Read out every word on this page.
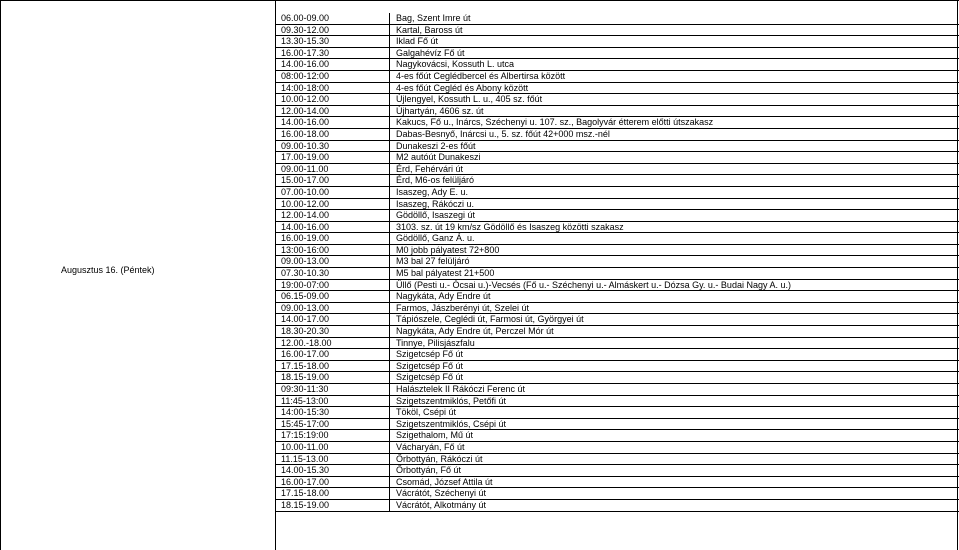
Augusztus 16. (Péntek)
06.00-09.00	Bag, Szent Imre út
09.30-12.00	Kartal, Baross út
13.30-15.30	Iklad Fő út
16.00-17.30	Galgahévíz Fő út
14.00-16.00	Nagykovácsi, Kossuth L. utca
08:00-12:00	4-es főút Ceglédbercel és Albertirsa között
14:00-18:00	4-es főút Cegléd és Abony között
10.00-12.00	Újlengyel, Kossuth L. u., 405 sz. főút
12.00-14.00	Újhartyán, 4606 sz. út
14.00-16.00	Kakucs, Fő u., Inárcs, Széchenyi u. 107. sz., Bagolyvár étterem előtti útszakasz
16.00-18.00	Dabas-Besnyő, Inárcsi u., 5. sz. főút 42+000 msz.-nél
09.00-10.30	Dunakeszi 2-es főút
17.00-19.00	M2 autóút Dunakeszi
09.00-11.00	Érd, Fehérvári út
15.00-17.00	Érd, M6-os felüljáró
07.00-10.00	Isaszeg, Ady E. u.
10.00-12.00	Isaszeg, Rákóczi u.
12.00-14.00	Gödöllő, Isaszegi út
14.00-16.00	3103. sz. út 19 km/sz Gödöllő és Isaszeg közötti szakasz
16.00-19.00	Gödöllő, Ganz Á. u.
13:00-16:00	M0 jobb pályatest 72+800
09.00-13.00	M3 bal 27 felüljáró
07.30-10.30	M5 bal pályatest 21+500
19:00-07:00	Üllő (Pesti u.- Ócsai u.)-Vecsés (Fő u.- Széchenyi u.- Almáskert u.- Dózsa Gy. u.- Budai Nagy A. u.)
06.15-09.00	Nagykáta, Ady Endre út
09.00-13.00	Farmos, Jászberényi út, Szelei út
14.00-17.00	Tápiószele, Ceglédi út, Farmosi út, Györgyei út
18.30-20.30	Nagykáta, Ady Endre út, Perczel Mór út
12.00.-18.00	Tinnye, Pilisjászfalu
16.00-17.00	Szigetcsép Fő út
17.15-18.00	Szigetcsép Fő út
18.15-19.00	Szigetcsép Fő út
09:30-11:30	Halásztelek II Rákóczi Ferenc út
11:45-13:00	Szigetszentmiklós, Petőfi út
14:00-15:30	Tököl, Csépi út
15:45-17:00	Szigetszentmiklós, Csépi út
17:15:19:00	Szigethalom, Mű út
10.00-11.00	Vácharyán, Fő út
11.15-13.00	Őrbottyán, Rákóczi út
14.00-15.30	Őrbottyán, Fő út
16.00-17.00	Csomád, József Attila út
17.15-18.00	Vácrátót, Széchenyi út
18.15-19.00	Vácrátót, Alkotmány út
